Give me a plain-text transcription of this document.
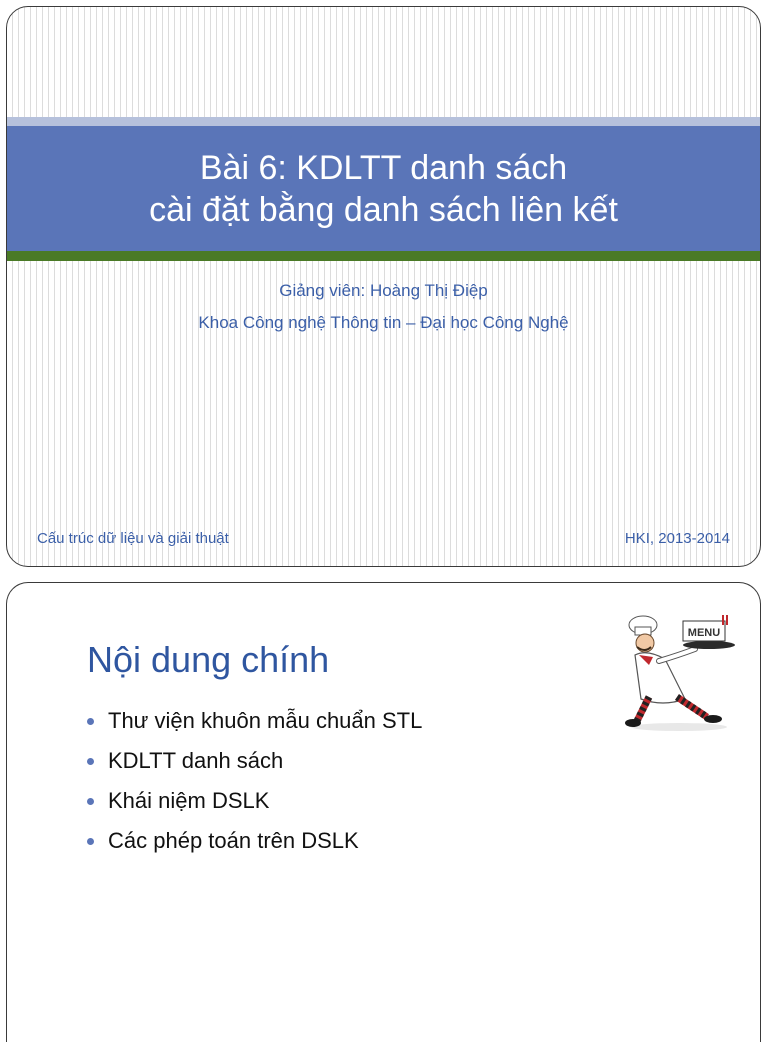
Bài 6: KDLTT danh sách
cài đặt bằng danh sách liên kết
Giảng viên: Hoàng Thị Điệp
Khoa Công nghệ Thông tin – Đại học Công Nghệ
Cấu trúc dữ liệu và giải thuật	HKI, 2013-2014
Nội dung chính
Thư viện khuôn mẫu chuẩn STL
KDLTT danh sách
Khái niệm DSLK
Các phép toán trên DSLK
MENU
